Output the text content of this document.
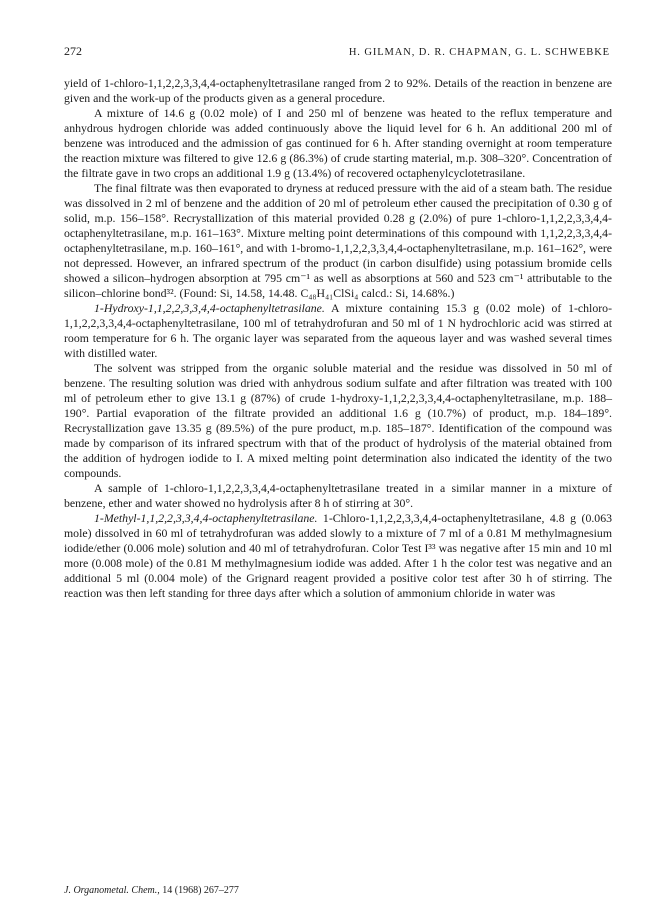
272	H. GILMAN, D. R. CHAPMAN, G. L. SCHWEBKE

yield of 1-chloro-1,1,2,2,3,3,4,4-octaphenyltetrasilane ranged from 2 to 92%. Details of the reaction in benzene are given and the work-up of the products given as a general procedure.

A mixture of 14.6 g (0.02 mole) of I and 250 ml of benzene was heated to the reflux temperature and anhydrous hydrogen chloride was added continuously above the liquid level for 6 h. An additional 200 ml of benzene was introduced and the admission of gas continued for 6 h. After standing overnight at room temperature the reaction mixture was filtered to give 12.6 g (86.3%) of crude starting material, m.p. 308–320°. Concentration of the filtrate gave in two crops an additional 1.9 g (13.4%) of recovered octaphenylcyclotetrasilane.

The final filtrate was then evaporated to dryness at reduced pressure with the aid of a steam bath. The residue was dissolved in 2 ml of benzene and the addition of 20 ml of petroleum ether caused the precipitation of 0.30 g of solid, m.p. 156–158°. Recrystallization of this material provided 0.28 g (2.0%) of pure 1-chloro-1,1,2,2,3,3,4,4-octaphenyltetrasilane, m.p. 161–163°. Mixture melting point determinations of this compound with 1,1,2,2,3,3,4,4-octaphenyltetrasilane, m.p. 160–161°, and with 1-bromo-1,1,2,2,3,3,4,4-octaphenyltetrasilane, m.p. 161–162°, were not depressed. However, an infrared spectrum of the product (in carbon disulfide) using potassium bromide cells showed a silicon–hydrogen absorption at 795 cm⁻¹ as well as absorptions at 560 and 523 cm⁻¹ attributable to the silicon–chlorine bond³². (Found: Si, 14.58, 14.48. C₄₈H₄₁ClSi₄ calcd.: Si, 14.68%.)

1-Hydroxy-1,1,2,2,3,3,4,4-octaphenyltetrasilane. A mixture containing 15.3 g (0.02 mole) of 1-chloro-1,1,2,2,3,3,4,4-octaphenyltetrasilane, 100 ml of tetrahydrofuran and 50 ml of 1 N hydrochloric acid was stirred at room temperature for 6 h. The organic layer was separated from the aqueous layer and was washed several times with distilled water.

The solvent was stripped from the organic soluble material and the residue was dissolved in 50 ml of benzene. The resulting solution was dried with anhydrous sodium sulfate and after filtration was treated with 100 ml of petroleum ether to give 13.1 g (87%) of crude 1-hydroxy-1,1,2,2,3,3,4,4-octaphenyltetrasilane, m.p. 188–190°. Partial evaporation of the filtrate provided an additional 1.6 g (10.7%) of product, m.p. 184–189°. Recrystallization gave 13.35 g (89.5%) of the pure product, m.p. 185–187°. Identification of the compound was made by comparison of its infrared spectrum with that of the product of hydrolysis of the material obtained from the addition of hydrogen iodide to I. A mixed melting point determination also indicated the identity of the two compounds.

A sample of 1-chloro-1,1,2,2,3,3,4,4-octaphenyltetrasilane treated in a similar manner in a mixture of benzene, ether and water showed no hydrolysis after 8 h of stirring at 30°.

1-Methyl-1,1,2,2,3,3,4,4-octaphenyltetrasilane. 1-Chloro-1,1,2,2,3,3,4,4-octaphenyltetrasilane, 4.8 g (0.063 mole) dissolved in 60 ml of tetrahydrofuran was added slowly to a mixture of 7 ml of a 0.81 M methylmagnesium iodide/ether (0.006 mole) solution and 40 ml of tetrahydrofuran. Color Test I³³ was negative after 15 min and 10 ml more (0.008 mole) of the 0.81 M methylmagnesium iodide was added. After 1 h the color test was negative and an additional 5 ml (0.004 mole) of the Grignard reagent provided a positive color test after 30 h of stirring. The reaction was then left standing for three days after which a solution of ammonium chloride in water was

J. Organometal. Chem., 14 (1968) 267–277
